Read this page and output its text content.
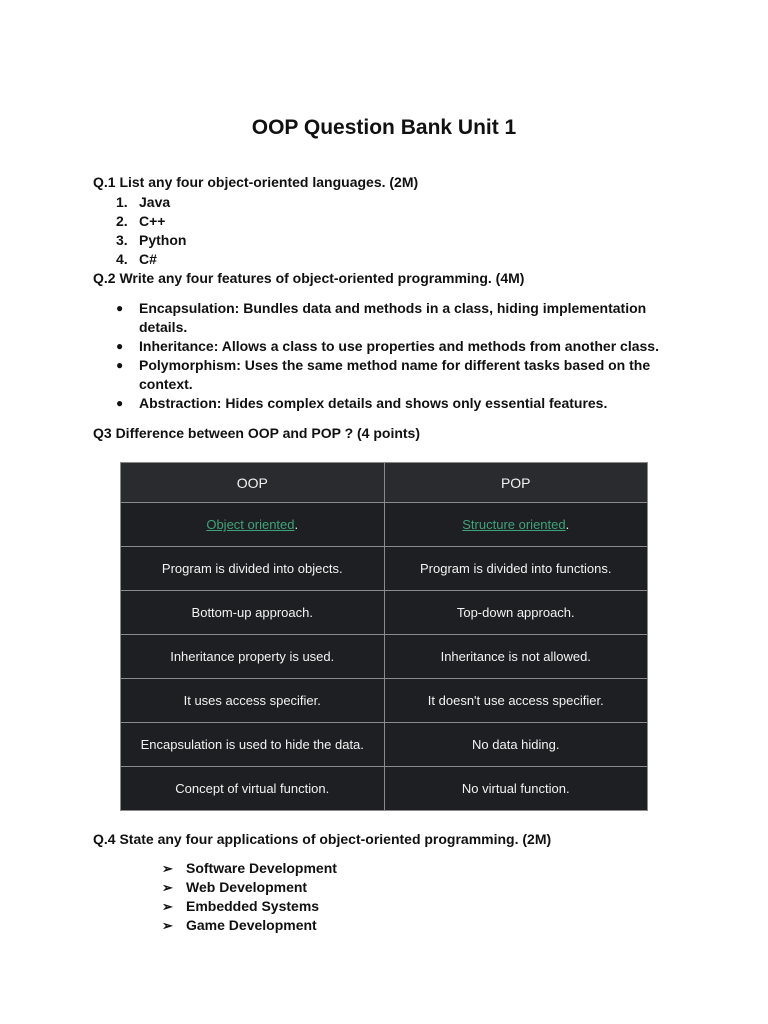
OOP Question Bank Unit 1
Q.1 List any four object-oriented languages. (2M)
1. Java
2. C++
3. Python
4. C#
Q.2 Write any four features of object-oriented programming. (4M)
●	Encapsulation: Bundles data and methods in a class, hiding implementation details.
●	Inheritance: Allows a class to use properties and methods from another class.
●	Polymorphism: Uses the same method name for different tasks based on the context.
●	Abstraction: Hides complex details and shows only essential features.
Q3 Difference between OOP and POP ? (4 points)
OOP	POP
Object oriented.	Structure oriented.
Program is divided into objects.	Program is divided into functions.
Bottom-up approach.	Top-down approach.
Inheritance property is used.	Inheritance is not allowed.
It uses access specifier.	It doesn't use access specifier.
Encapsulation is used to hide the data.	No data hiding.
Concept of virtual function.	No virtual function.
Q.4 State any four applications of object-oriented programming. (2M)
➢ Software Development
➢ Web Development
➢ Embedded Systems
➢ Game Development
